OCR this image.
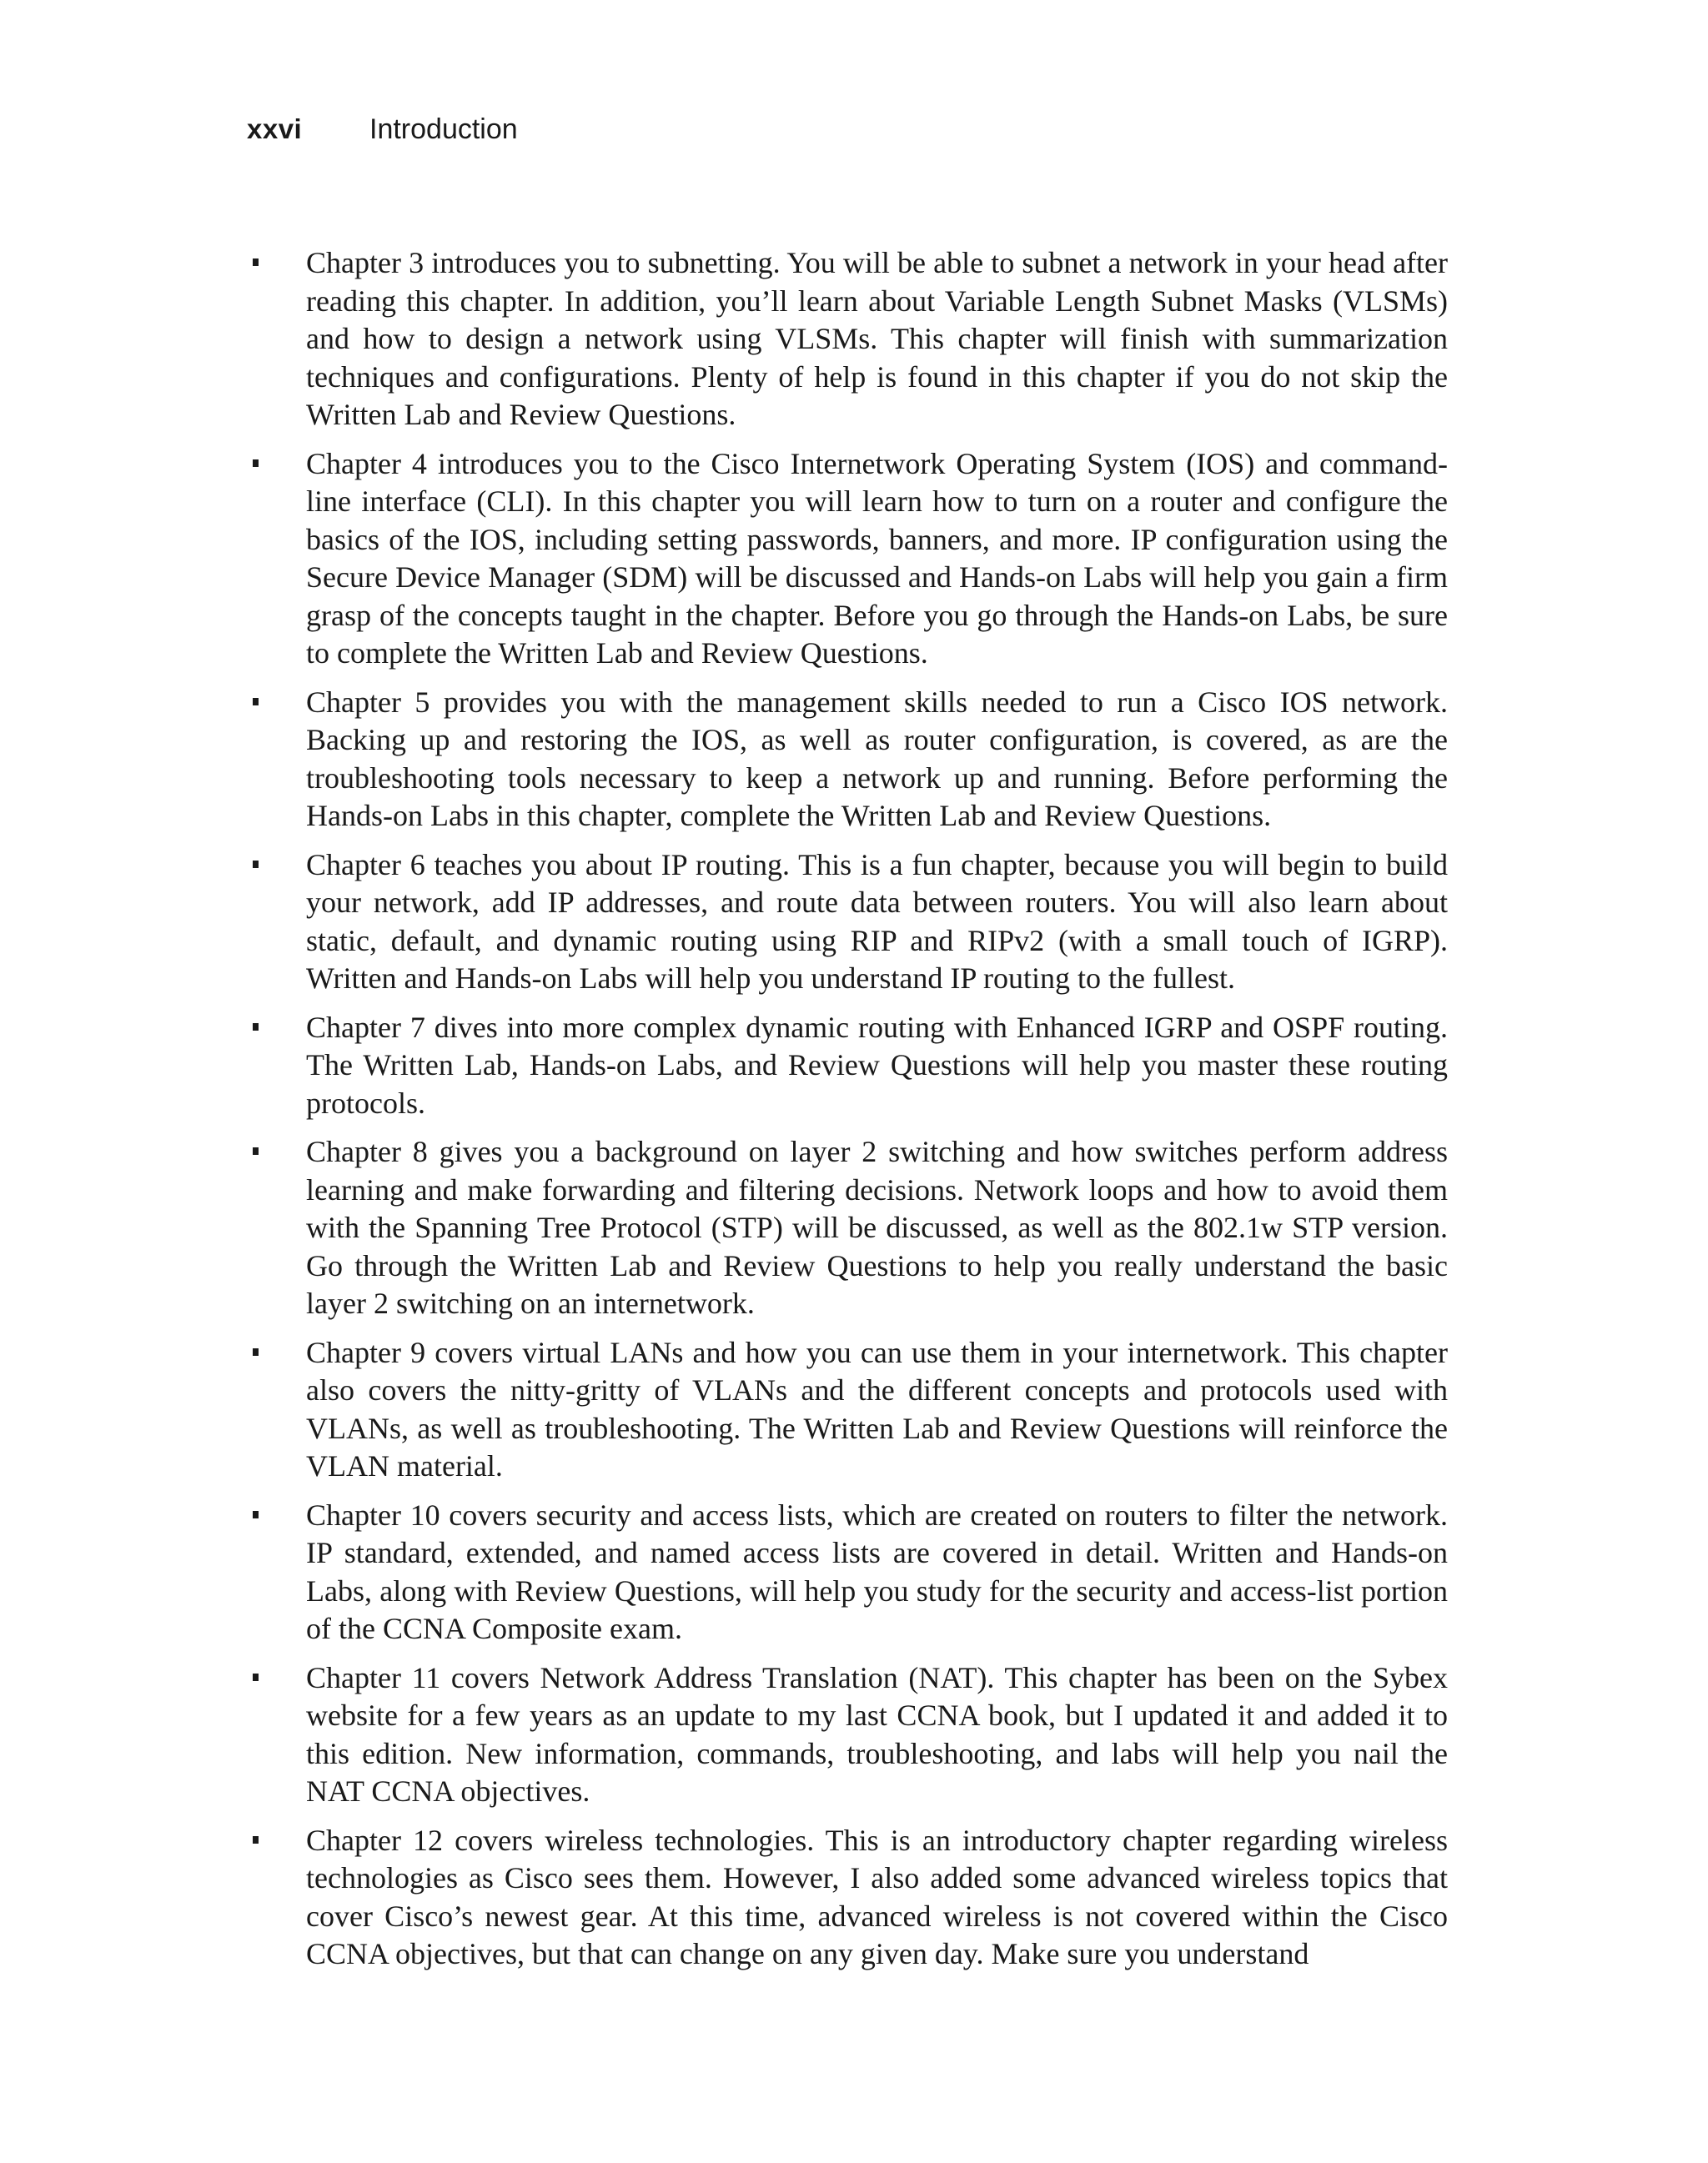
xxvi	Introduction
Chapter 3 introduces you to subnetting. You will be able to subnet a network in your head after reading this chapter. In addition, you’ll learn about Variable Length Subnet Masks (VLSMs) and how to design a network using VLSMs. This chapter will finish with summarization techniques and configurations. Plenty of help is found in this chapter if you do not skip the Written Lab and Review Questions.
Chapter 4 introduces you to the Cisco Internetwork Operating System (IOS) and command-line interface (CLI). In this chapter you will learn how to turn on a router and configure the basics of the IOS, including setting passwords, banners, and more. IP configuration using the Secure Device Manager (SDM) will be discussed and Hands-on Labs will help you gain a firm grasp of the concepts taught in the chapter. Before you go through the Hands-on Labs, be sure to complete the Written Lab and Review Questions.
Chapter 5 provides you with the management skills needed to run a Cisco IOS network. Backing up and restoring the IOS, as well as router configuration, is covered, as are the troubleshooting tools necessary to keep a network up and running. Before performing the Hands-on Labs in this chapter, complete the Written Lab and Review Questions.
Chapter 6 teaches you about IP routing. This is a fun chapter, because you will begin to build your network, add IP addresses, and route data between routers. You will also learn about static, default, and dynamic routing using RIP and RIPv2 (with a small touch of IGRP). Written and Hands-on Labs will help you understand IP routing to the fullest.
Chapter 7 dives into more complex dynamic routing with Enhanced IGRP and OSPF routing. The Written Lab, Hands-on Labs, and Review Questions will help you master these routing protocols.
Chapter 8 gives you a background on layer 2 switching and how switches perform address learning and make forwarding and filtering decisions. Network loops and how to avoid them with the Spanning Tree Protocol (STP) will be discussed, as well as the 802.1w STP version. Go through the Written Lab and Review Questions to help you really understand the basic layer 2 switching on an internetwork.
Chapter 9 covers virtual LANs and how you can use them in your internetwork. This chapter also covers the nitty-gritty of VLANs and the different concepts and protocols used with VLANs, as well as troubleshooting. The Written Lab and Review Questions will reinforce the VLAN material.
Chapter 10 covers security and access lists, which are created on routers to filter the network. IP standard, extended, and named access lists are covered in detail. Written and Hands-on Labs, along with Review Questions, will help you study for the security and access-list portion of the CCNA Composite exam.
Chapter 11 covers Network Address Translation (NAT). This chapter has been on the Sybex website for a few years as an update to my last CCNA book, but I updated it and added it to this edition. New information, commands, troubleshooting, and labs will help you nail the NAT CCNA objectives.
Chapter 12 covers wireless technologies. This is an introductory chapter regarding wireless technologies as Cisco sees them. However, I also added some advanced wireless topics that cover Cisco’s newest gear. At this time, advanced wireless is not covered within the Cisco CCNA objectives, but that can change on any given day. Make sure you understand
